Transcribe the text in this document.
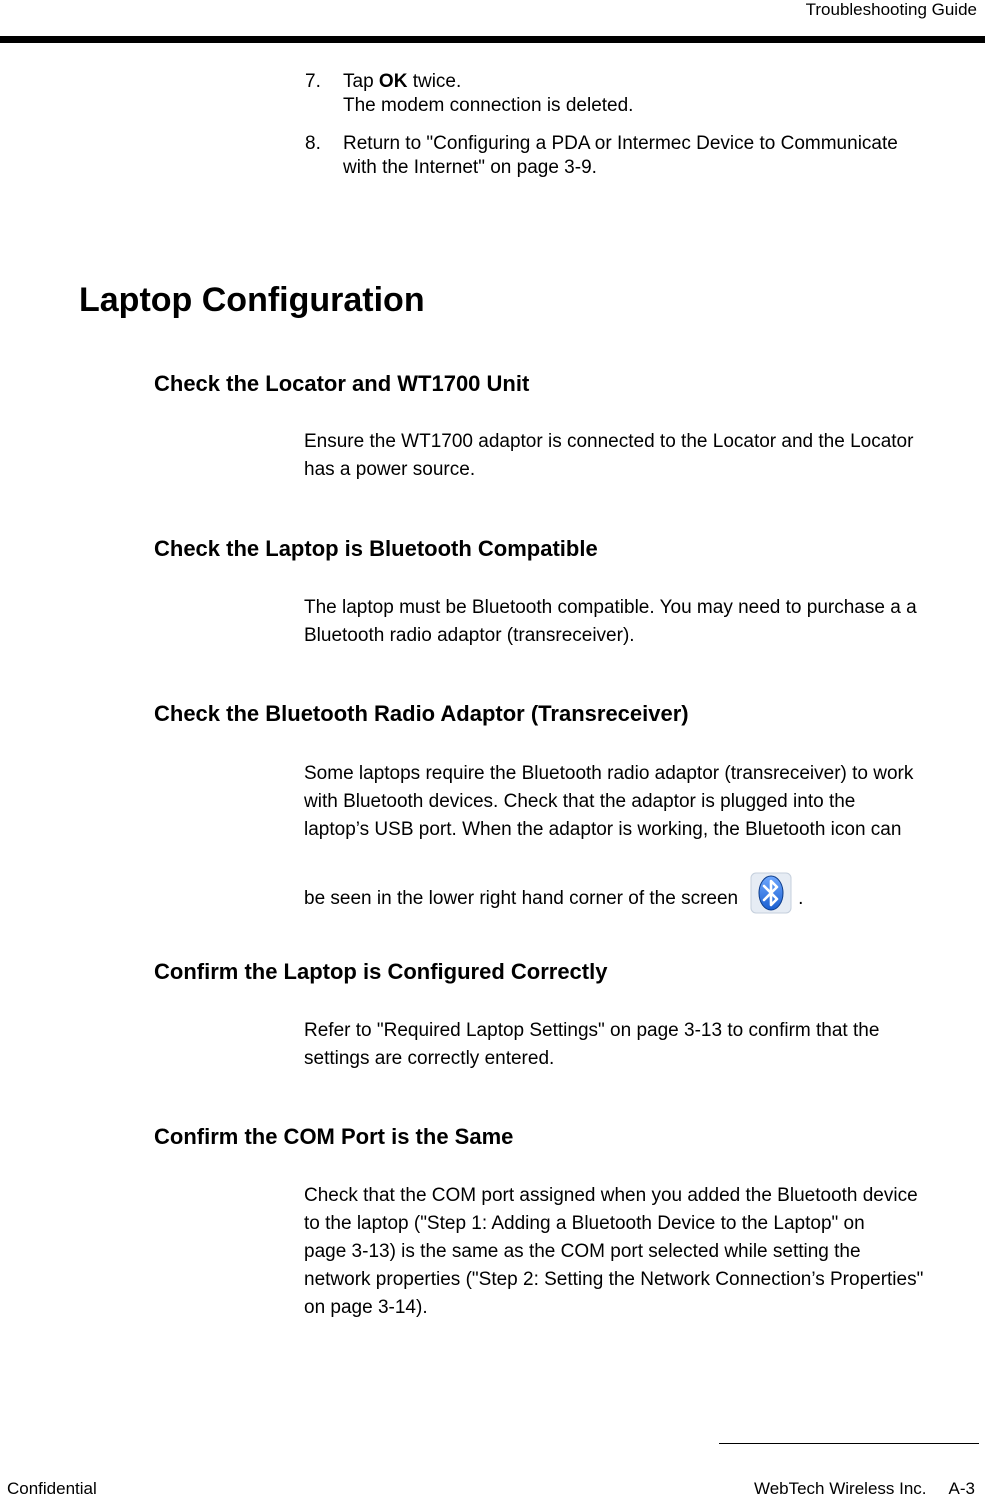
Troubleshooting Guide
7.	Tap OK twice.
The modem connection is deleted.
8.	Return to "Configuring a PDA or Intermec Device to Communicate
with the Internet" on page 3-9.
Laptop Configuration
Check the Locator and WT1700 Unit
Ensure the WT1700 adaptor is connected to the Locator and the Locator
has a power source.
Check the Laptop is Bluetooth Compatible
The laptop must be Bluetooth compatible. You may need to purchase a a
Bluetooth radio adaptor (transreceiver).
Check the Bluetooth Radio Adaptor (Transreceiver)
Some laptops require the Bluetooth radio adaptor (transreceiver) to work
with Bluetooth devices. Check that the adaptor is plugged into the
laptop’s USB port. When the adaptor is working, the Bluetooth icon can
be seen in the lower right hand corner of the screen	.
Confirm the Laptop is Configured Correctly
Refer to "Required Laptop Settings" on page 3-13 to confirm that the
settings are correctly entered.
Confirm the COM Port is the Same
Check that the COM port assigned when you added the Bluetooth device
to the laptop ("Step 1: Adding a Bluetooth Device to the Laptop" on
page 3-13) is the same as the COM port selected while setting the
network properties ("Step 2: Setting the Network Connection’s Properties"
on page 3-14).
Confidential	WebTech Wireless Inc. A-3
